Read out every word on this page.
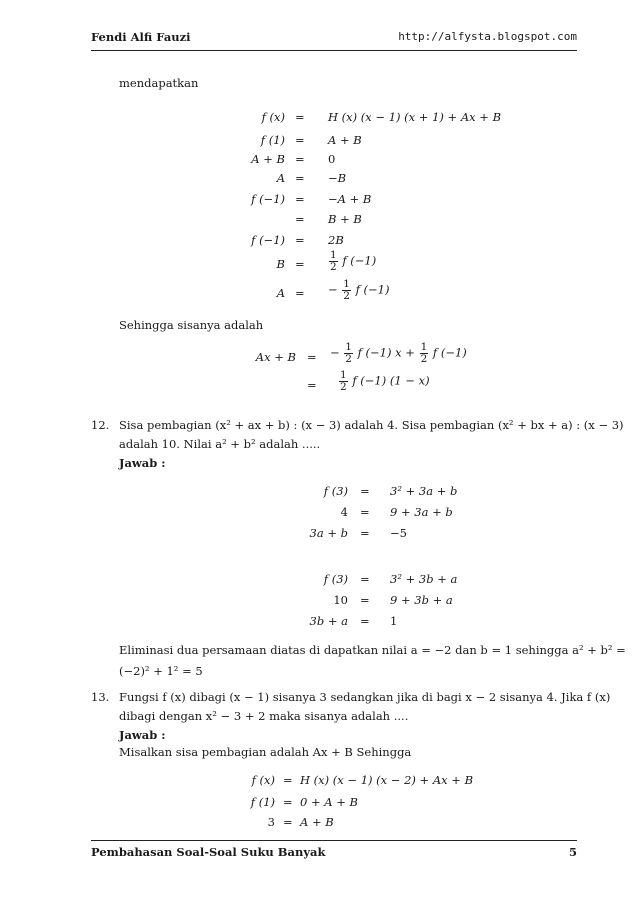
Fendi Alfi Fauzi	http://alfysta.blogspot.com
mendapatkan
f (x) = H (x) (x − 1) (x + 1) + Ax + B
f (1) = A + B
A + B = 0
A = −B
f (−1) = −A + B
= B + B
f (−1) = 2B
$B = \frac{1}{2}$ f (−1)
A = − $\frac{1}{2}$ f (−1)
Sehingga sisanya adalah
Ax + B = − $\frac{1}{2}$ f (−1) $x + \frac{1}{2}$ f (−1)
= $\frac{1}{2}$ f (−1) (1 − x)
12. Sisa pembagian (x² + ax + b) : (x − 3) adalah 4. Sisa pembagian (x² + bx + a) : (x − 3)
adalah 10. Nilai a² + b² adalah .....
Jawab :
f (3) = 3² + 3a + b
4 = 9 + 3a + b
3a + b = −5
f (3) = 3² + 3b + a
10 = 9 + 3b + a
3b + a = 1
Eliminasi dua persamaan diatas di dapatkan nilai a = −2 dan b = 1 sehingga a² + b² =
(−2)² + 1² = 5
13. Fungsi f (x) dibagi (x − 1) sisanya 3 sedangkan jika di bagi x − 2 sisanya 4. Jika f (x)
dibagi dengan x² − 3 + 2 maka sisanya adalah ....
Jawab :
Misalkan sisa pembagian adalah Ax + B Sehingga
f (x) = H (x) (x − 1) (x − 2) + Ax + B
f (1) = 0 + A + B
3 = A + B
Pembahasan Soal-Soal Suku Banyak	5
